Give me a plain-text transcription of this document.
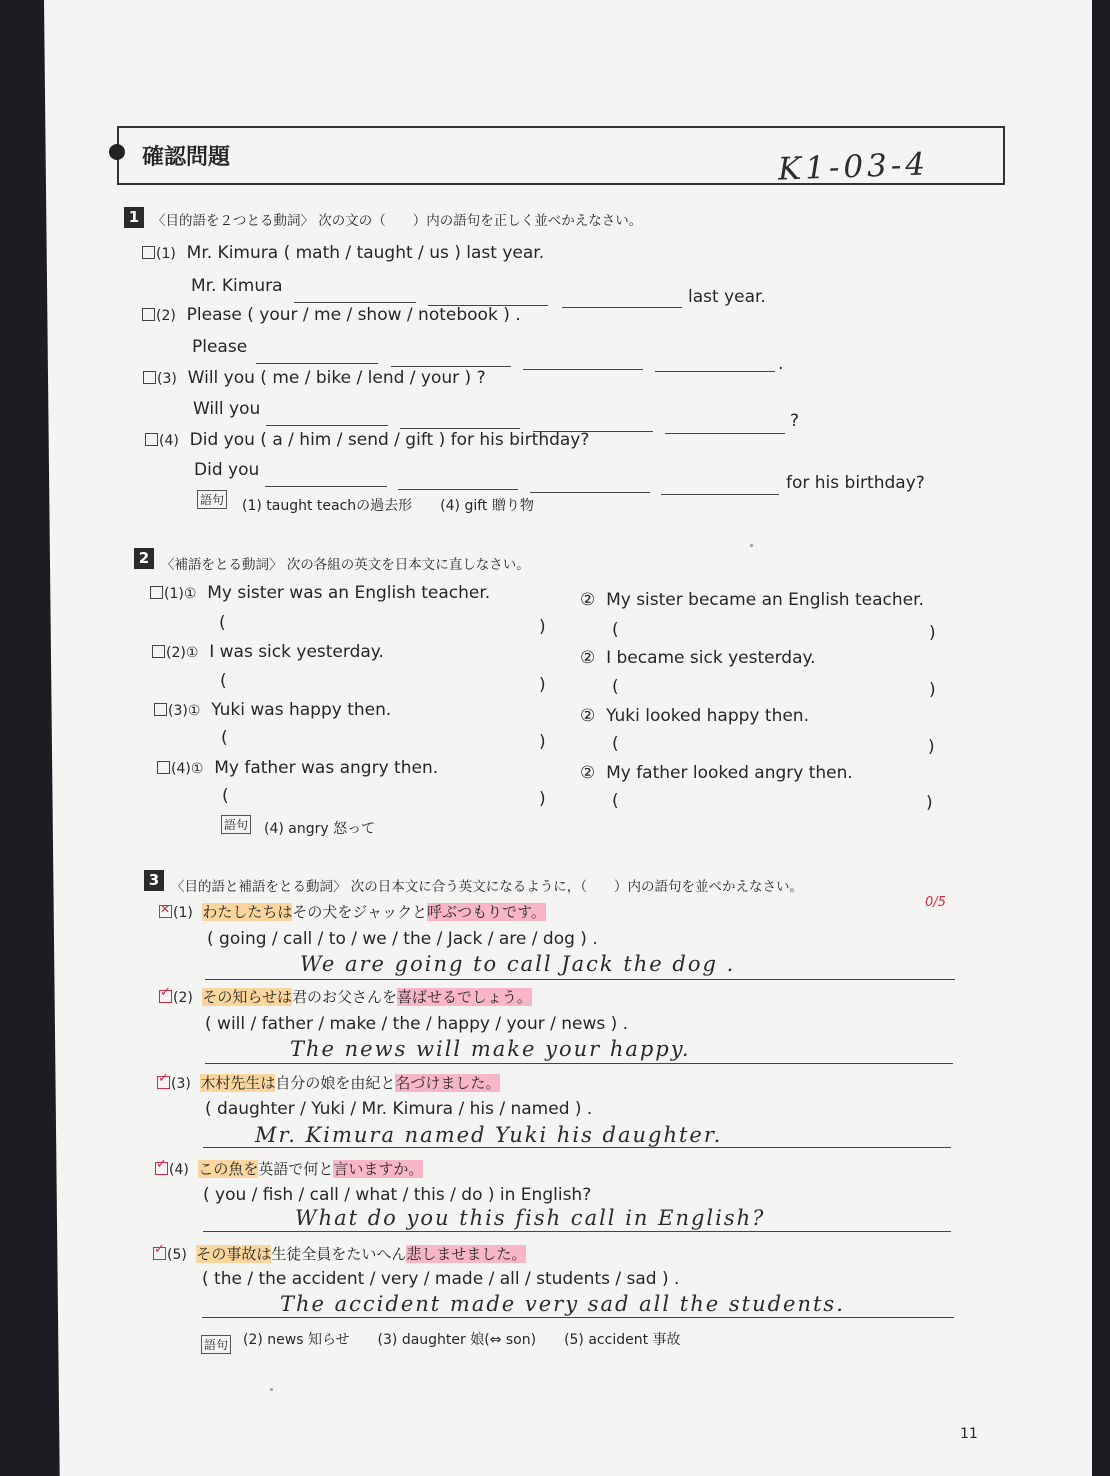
確認問題	K1-03-4
1 〈目的語を２つとる動詞〉 次の文の（　　）内の語句を正しく並べかえなさい。
(1) Mr. Kimura ( math / taught / us ) last year.
Mr. Kimura
last year.
(2) Please ( your / me / show / notebook ) .
Please
.
(3) Will you ( me / bike / lend / your ) ?
Will you
?
(4) Did you ( a / him / send / gift ) for his birthday?
Did you
for his birthday?
語句 (1) taught teachの過去形　　(4) gift 贈り物
2 〈補語をとる動詞〉 次の各組の英文を日本文に直しなさい。
(1)① My sister was an English teacher.	② My sister became an English teacher.
(	)	(	)
(2)① I was sick yesterday.	② I became sick yesterday.
(	)	(	)
(3)① Yuki was happy then.	② Yuki looked happy then.
(	)	(	)
(4)① My father was angry then.	② My father looked angry then.
(	)	(	)
語句 (4) angry 怒って
3 〈目的語と補語をとる動詞〉 次の日本文に合う英文になるように，（　　）内の語句を並べかえなさい。
0/5
✕(1) わたしたちはその犬をジャックと呼ぶつもりです。
( going / call / to / we / the / Jack / are / dog ) .
We are going to call Jack the dog .
✓(2) その知らせは君のお父さんを喜ばせるでしょう。
( will / father / make / the / happy / your / news ) .
The news will make your happy.
✓(3) 木村先生は自分の娘を由紀と名づけました。
( daughter / Yuki / Mr. Kimura / his / named ) .
Mr. Kimura named Yuki his daughter.
✓(4) この魚を英語で何と言いますか。
( you / fish / call / what / this / do ) in English?
What do you this fish call in English?
✓(5) その事故は生徒全員をたいへん悲しませました。
( the / the accident / very / made / all / students / sad ) .
The accident made very sad all the students.
語句 (2) news 知らせ　　(3) daughter 娘(⇔ son)　　(5) accident 事故
11
